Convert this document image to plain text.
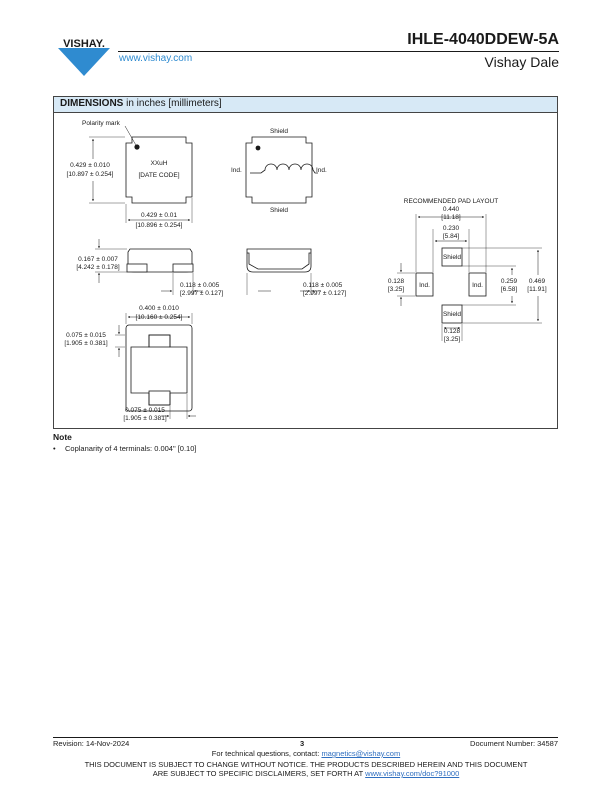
VISHAY.
www.vishay.com
IHLE-4040DDEW-5A
Vishay Dale
DIMENSIONS in inches [millimeters]
Polarity mark
XXuH
[DATE CODE]
0.429 ± 0.010
[10.897 ± 0.254]
0.429 ± 0.01
[10.896 ± 0.254]
Shield
Shield
Ind.	Ind.
0.167 ± 0.007
[4.242 ± 0.178]
0.118 ± 0.005
[2.997 ± 0.127]
0.118 ± 0.005
[2.997 ± 0.127]
0.400 ± 0.010
[10.160 ± 0.254]
0.075 ± 0.015
[1.905 ± 0.381]
0.075 ± 0.015
[1.905 ± 0.381]
RECOMMENDED PAD LAYOUT
Ind.	Ind.
Shield
Shield
0.440
[11.18]
0.230
[5.84]
0.128
[3.25]
0.259
[6.58]
0.469
[11.91]
0.128
[3.25]
Note
• Coplanarity of 4 terminals: 0.004" [0.10]
Revision: 14-Nov-2024	3	Document Number: 34587
For technical questions, contact: magnetics@vishay.com
THIS DOCUMENT IS SUBJECT TO CHANGE WITHOUT NOTICE. THE PRODUCTS DESCRIBED HEREIN AND THIS DOCUMENT
ARE SUBJECT TO SPECIFIC DISCLAIMERS, SET FORTH AT www.vishay.com/doc?91000
